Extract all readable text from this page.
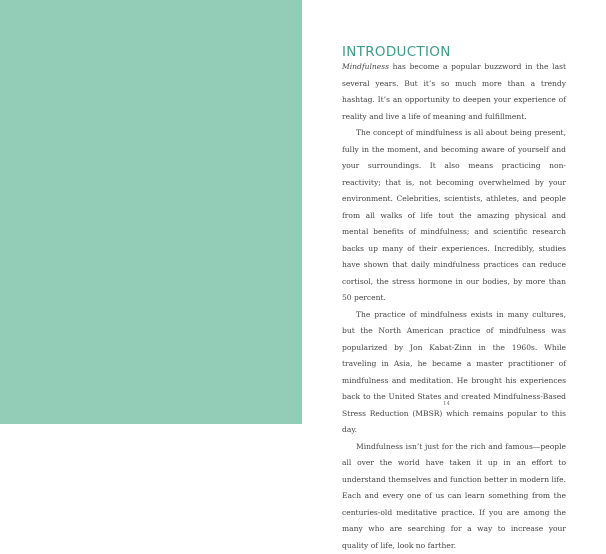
INTRODUCTION

Mindfulness has become a popular buzzword in the last several years. But it’s so much more than a trendy hashtag. It’s an opportunity to deepen your experience of reality and live a life of meaning and fulfillment.

The concept of mindfulness is all about being present, fully in the moment, and becoming aware of yourself and your surroundings. It also means practicing non-reactivity; that is, not becoming overwhelmed by your environment. Celebrities, scientists, athletes, and people from all walks of life tout the amazing physical and mental benefits of mindfulness; and scientific research backs up many of their experiences. Incredibly, studies have shown that daily mindfulness practices can reduce cortisol, the stress hormone in our bodies, by more than 50 percent.

The practice of mindfulness exists in many cultures, but the North American practice of mindfulness was popularized by Jon Kabat-Zinn in the 1960s. While traveling in Asia, he became a master practitioner of mindfulness and meditation. He brought his experiences back to the United States and created Mindfulness-Based Stress Reduction (MBSR) which remains popular to this day.

Mindfulness isn’t just for the rich and famous—people all over the world have taken it up in an effort to understand themselves and function better in modern life. Each and every one of us can learn something from the centuries-old meditative practice. If you are among the many who are searching for a way to increase your quality of life, look no farther.

14
